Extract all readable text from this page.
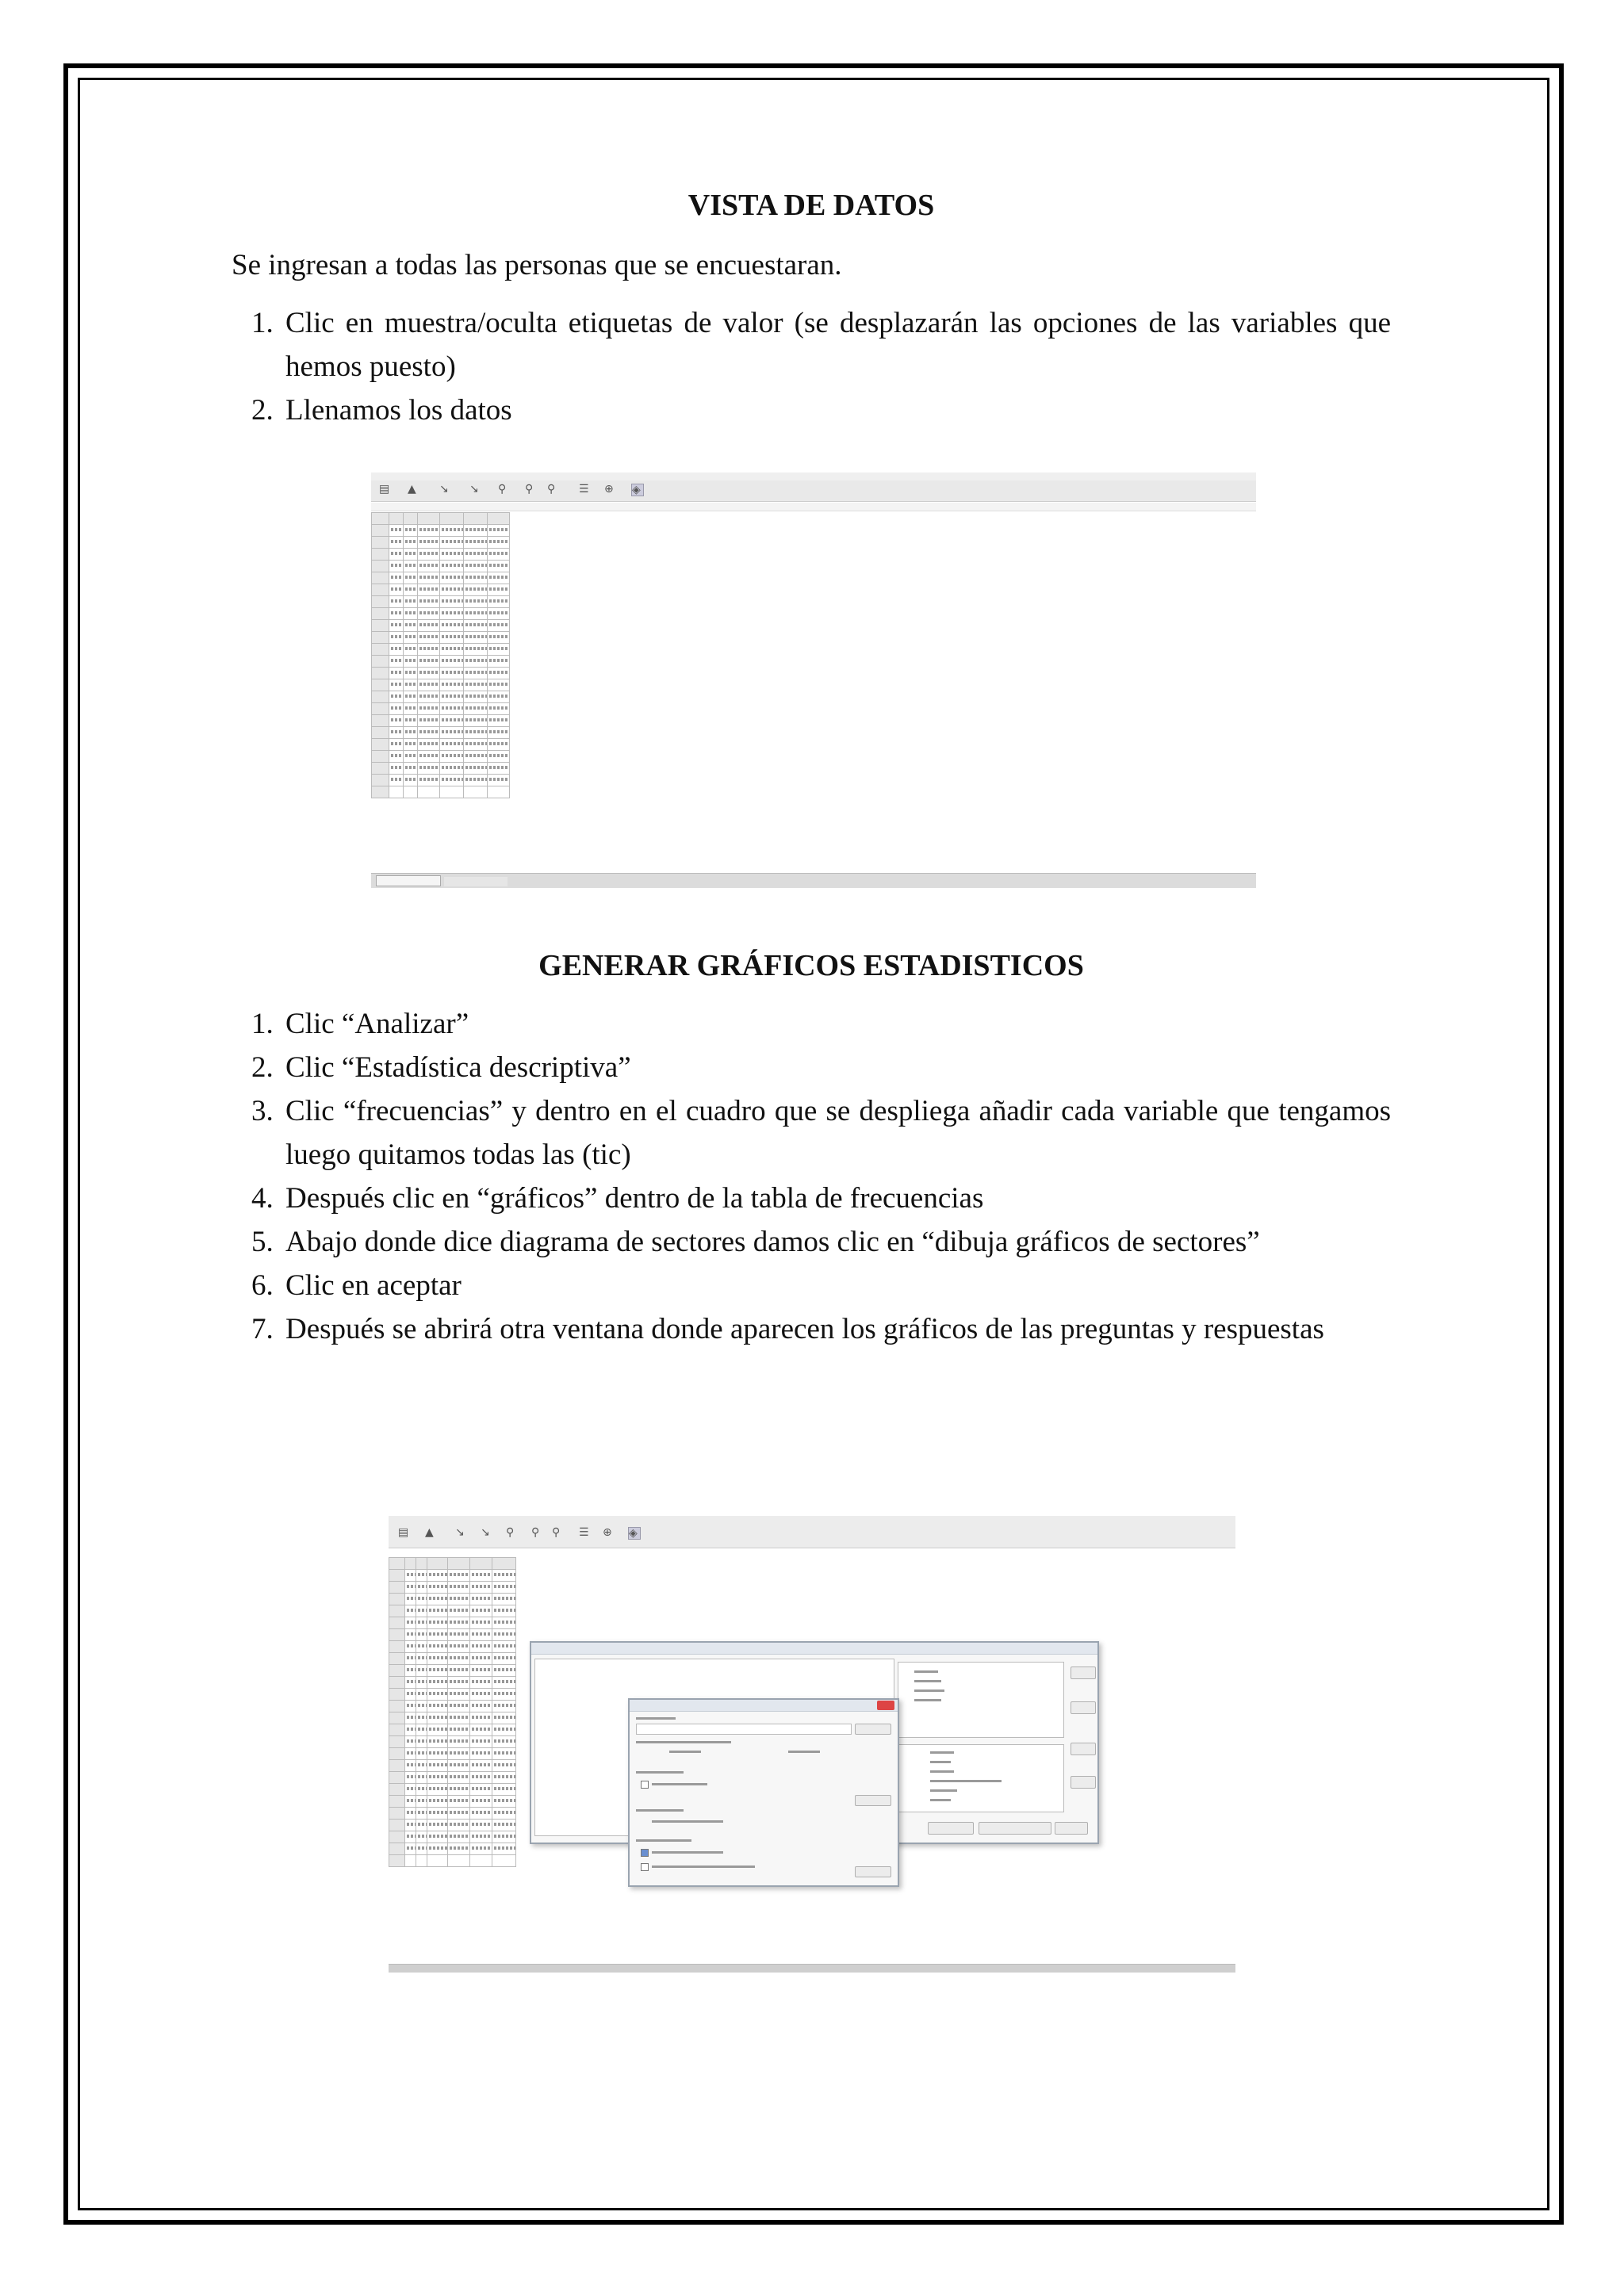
VISTA DE DATOS

Se ingresan a todas las personas que se encuestaran.

1. Clic en muestra/oculta etiquetas de valor (se desplazarán las opciones de las variables que hemos puesto)
2. Llenamos los datos

GENERAR GRÁFICOS ESTADISTICOS

1. Clic “Analizar”
2. Clic “Estadística descriptiva”
3. Clic “frecuencias” y dentro en el cuadro que se despliega añadir cada variable que tengamos luego quitamos todas las (tic)
4. Después clic en “gráficos” dentro de la tabla de frecuencias
5. Abajo donde dice diagrama de sectores damos clic en “dibuja gráficos de sectores”
6. Clic en aceptar
7. Después se abrirá otra ventana donde aparecen los gráficos de las preguntas y respuestas
▤ ▲ ↘ ↘ ⚲ ⚲ ⚲ ☰ ⊕ ◈
▤ ▲ ↘ ↘ ⚲ ⚲ ⚲ ☰ ⊕ ◈
